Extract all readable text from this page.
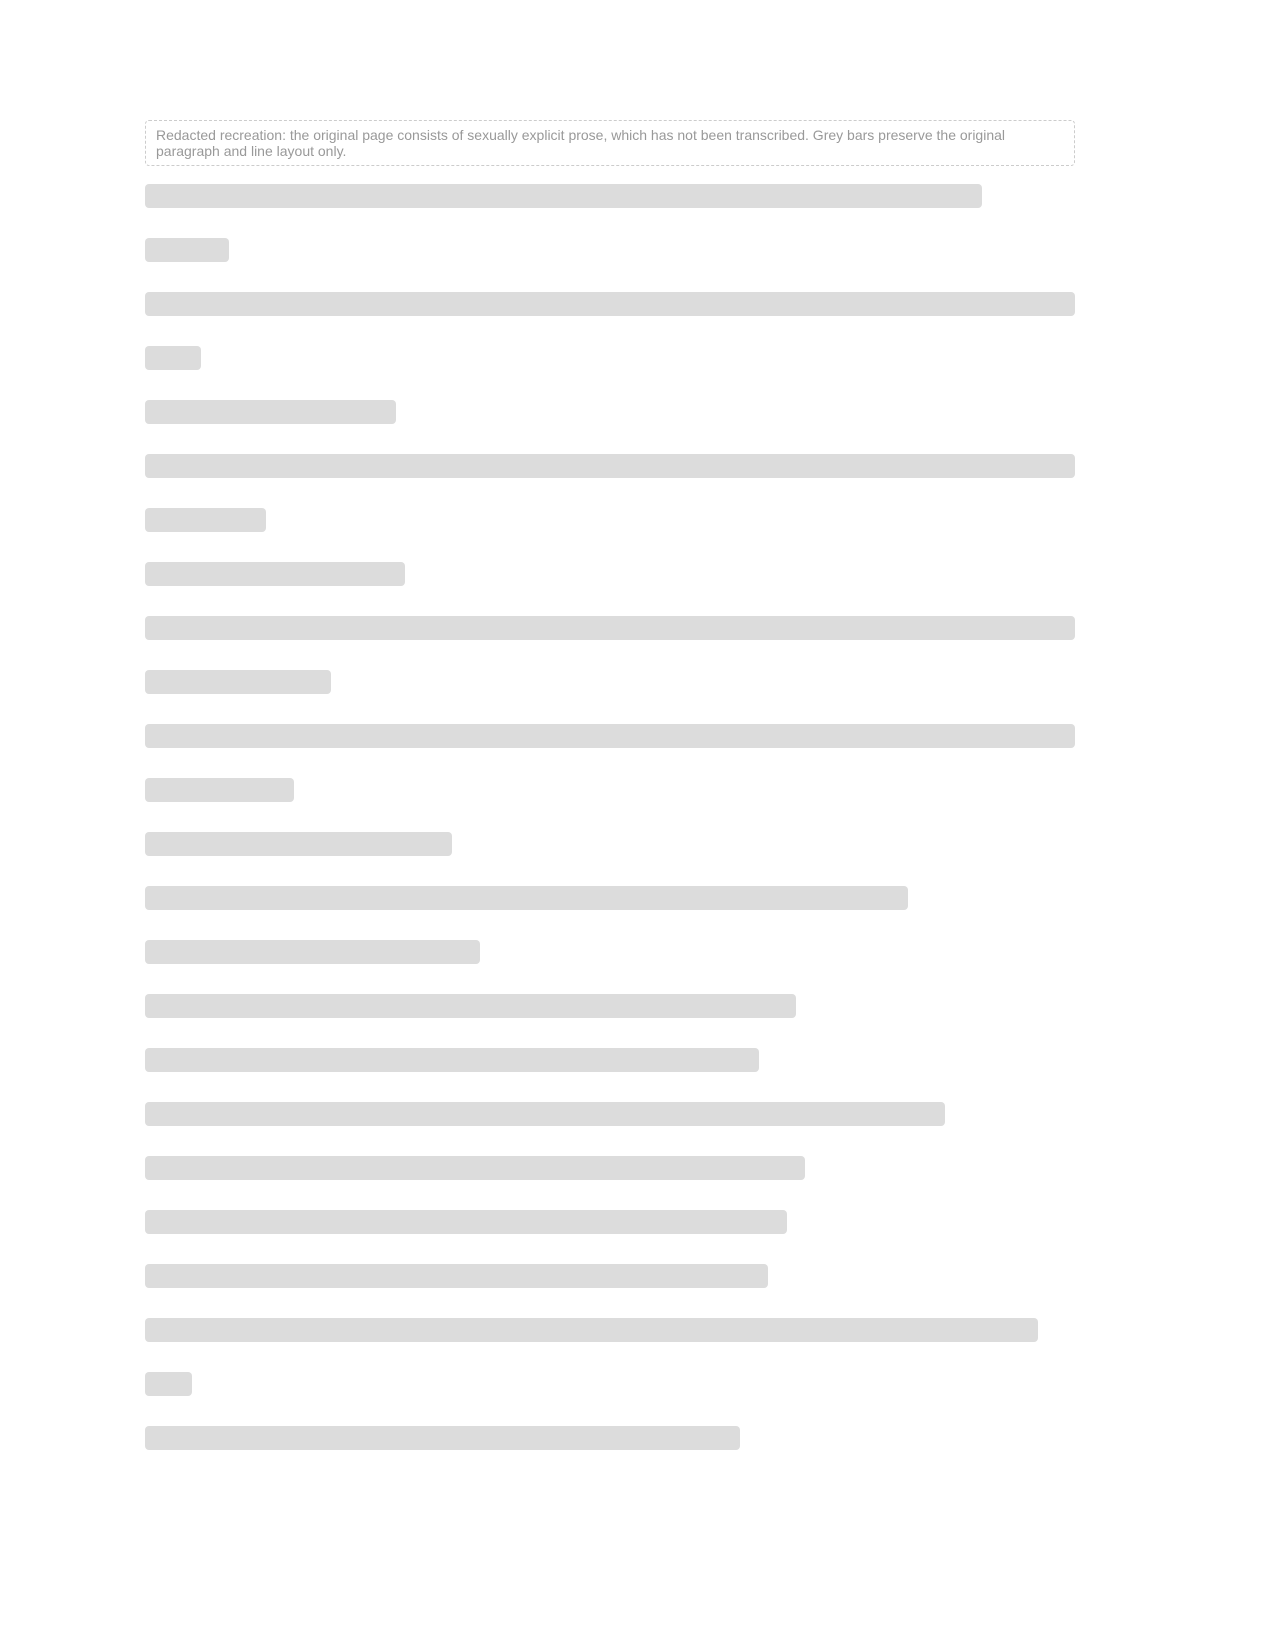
Redacted recreation: the original page consists of sexually explicit prose, which has not been transcribed. Grey bars preserve the original paragraph and line layout only.
